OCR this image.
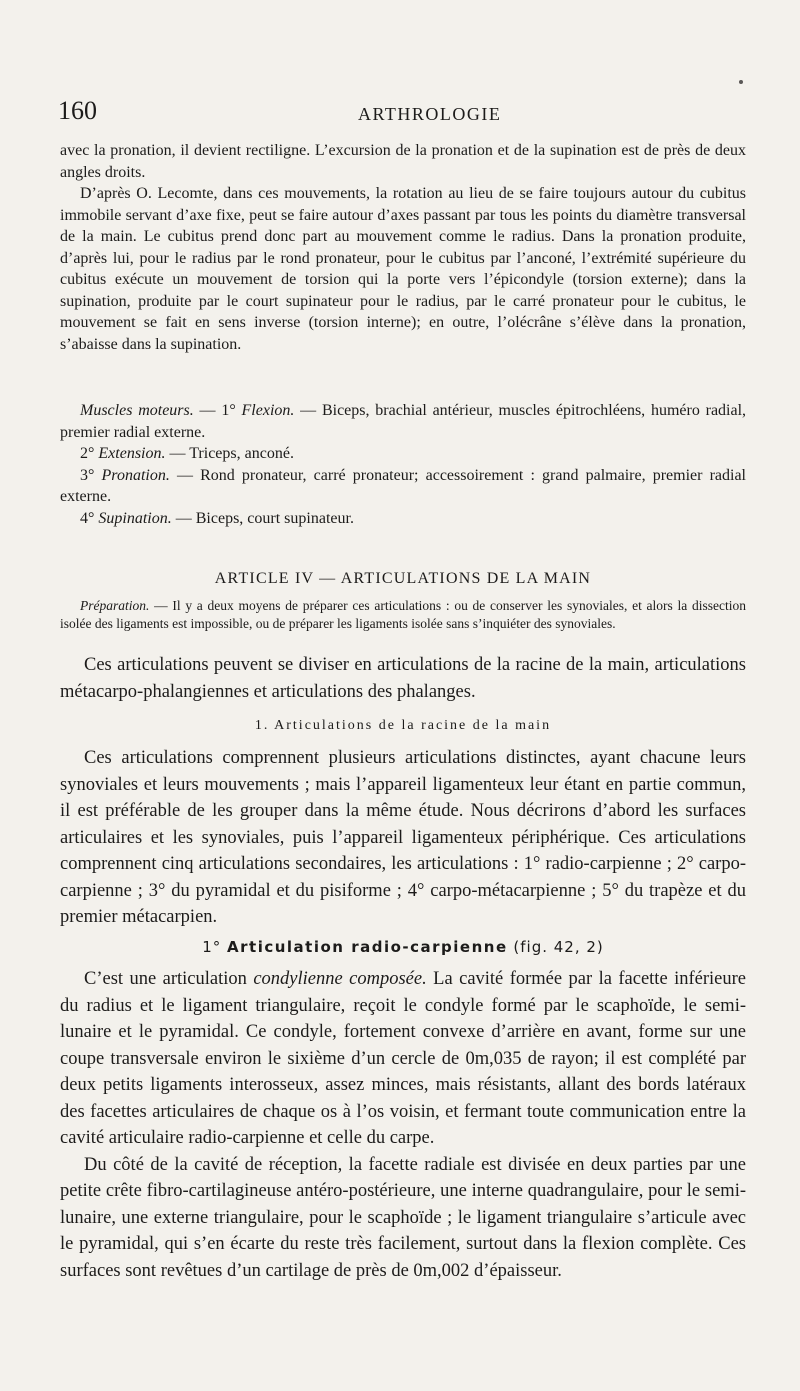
160	ARTHROLOGIE

avec la pronation, il devient rectiligne. L’excursion de la pronation et de la supination est de près de deux angles droits.

D’après O. Lecomte, dans ces mouvements, la rotation au lieu de se faire toujours autour du cubitus immobile servant d’axe fixe, peut se faire autour d’axes passant par tous les points du diamètre transversal de la main. Le cubitus prend donc part au mouvement comme le radius. Dans la pronation produite, d’après lui, pour le radius par le rond pronateur, pour le cubitus par l’anconé, l’extrémité supérieure du cubitus exécute un mouvement de torsion qui la porte vers l’épicondyle (torsion externe); dans la supination, produite par le court supinateur pour le radius, par le carré pronateur pour le cubitus, le mouvement se fait en sens inverse (torsion interne); en outre, l’olécrâne s’élève dans la pronation, s’abaisse dans la supination.

Muscles moteurs. — 1° Flexion. — Biceps, brachial antérieur, muscles épitrochléens, huméro radial, premier radial externe.

2° Extension. — Triceps, anconé.

3° Pronation. — Rond pronateur, carré pronateur; accessoirement : grand palmaire, premier radial externe.

4° Supination. — Biceps, court supinateur.

ARTICLE IV — ARTICULATIONS DE LA MAIN

Préparation. — Il y a deux moyens de préparer ces articulations : ou de conserver les synoviales, et alors la dissection isolée des ligaments est impossible, ou de préparer les ligaments isolée sans s’inquiéter des synoviales.

Ces articulations peuvent se diviser en articulations de la racine de la main, articulations métacarpo-phalangiennes et articulations des phalanges.

1. Articulations de la racine de la main

Ces articulations comprennent plusieurs articulations distinctes, ayant chacune leurs synoviales et leurs mouvements ; mais l’appareil ligamenteux leur étant en partie commun, il est préférable de les grouper dans la même étude. Nous décrirons d’abord les surfaces articulaires et les synoviales, puis l’appareil ligamenteux périphérique. Ces articulations comprennent cinq articulations secondaires, les articulations : 1° radio-carpienne ; 2° carpo-carpienne ; 3° du pyramidal et du pisiforme ; 4° carpo-métacarpienne ; 5° du trapèze et du premier métacarpien.

1° Articulation radio-carpienne (fig. 42, 2)

C’est une articulation condylienne composée. La cavité formée par la facette inférieure du radius et le ligament triangulaire, reçoit le condyle formé par le scaphoïde, le semi-lunaire et le pyramidal. Ce condyle, fortement convexe d’arrière en avant, forme sur une coupe transversale environ le sixième d’un cercle de 0m,035 de rayon; il est complété par deux petits ligaments interosseux, assez minces, mais résistants, allant des bords latéraux des facettes articulaires de chaque os à l’os voisin, et fermant toute communication entre la cavité articulaire radio-carpienne et celle du carpe.

Du côté de la cavité de réception, la facette radiale est divisée en deux parties par une petite crête fibro-cartilagineuse antéro-postérieure, une interne quadrangulaire, pour le semi-lunaire, une externe triangulaire, pour le scaphoïde ; le ligament triangulaire s’articule avec le pyramidal, qui s’en écarte du reste très facilement, surtout dans la flexion complète. Ces surfaces sont revêtues d’un cartilage de près de 0m,002 d’épaisseur.
